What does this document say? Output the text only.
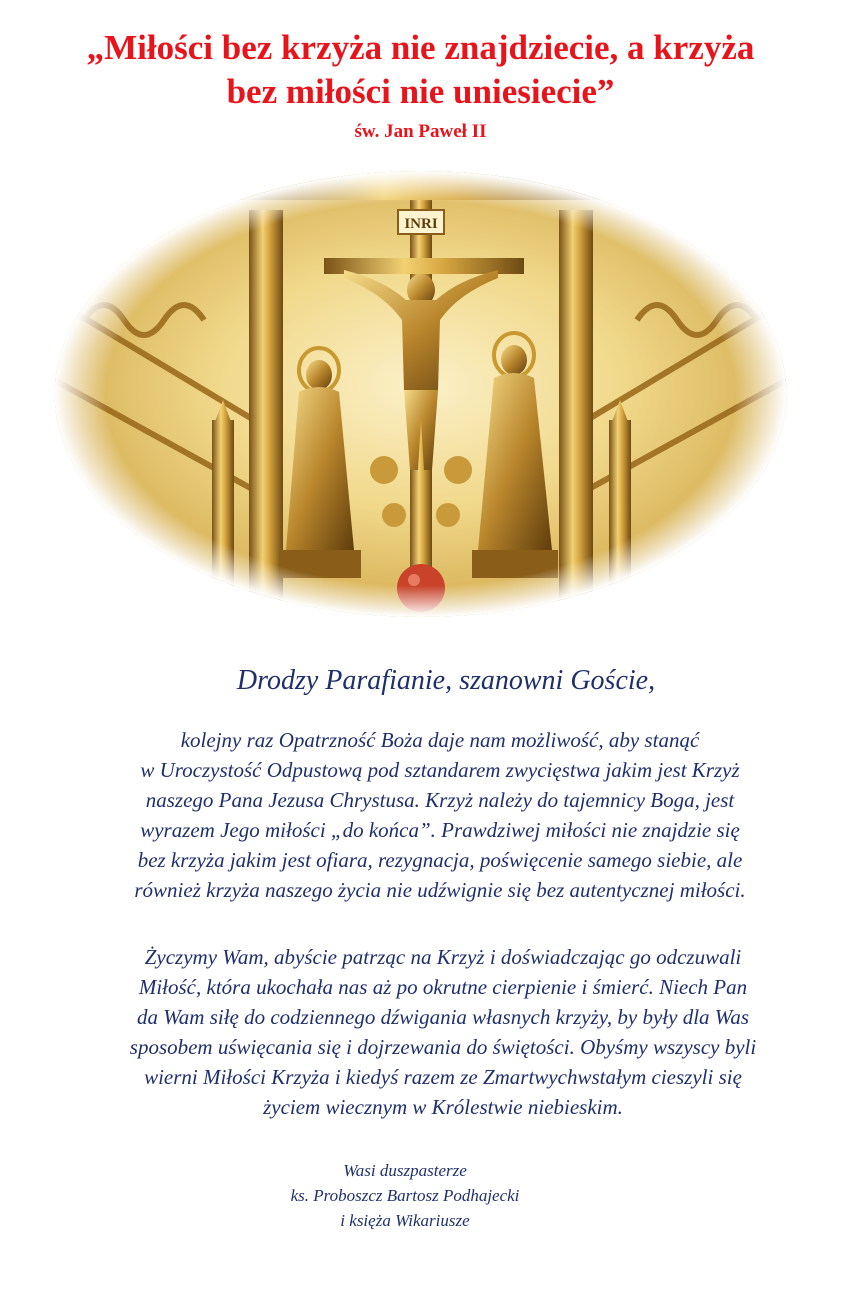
„Miłości bez krzyża nie znajdziecie, a krzyża
bez miłości nie uniesiecie”
św. Jan Paweł II
Drodzy Parafianie, szanowni Goście,
kolejny raz Opatrzność Boża daje nam możliwość, aby stanąć
w Uroczystość Odpustową pod sztandarem zwycięstwa jakim jest Krzyż
naszego Pana Jezusa Chrystusa. Krzyż należy do tajemnicy Boga, jest
wyrazem Jego miłości „do końca”. Prawdziwej miłości nie znajdzie się
bez krzyża jakim jest ofiara, rezygnacja, poświęcenie samego siebie, ale
również krzyża naszego życia nie udźwignie się bez autentycznej miłości.
Życzymy Wam, abyście patrząc na Krzyż i doświadczając go odczuwali
Miłość, która ukochała nas aż po okrutne cierpienie i śmierć. Niech Pan
da Wam siłę do codziennego dźwigania własnych krzyży, by były dla Was
sposobem uświęcania się i dojrzewania do świętości. Obyśmy wszyscy byli
wierni Miłości Krzyża i kiedyś razem ze Zmartwychwstałym cieszyli się
życiem wiecznym w Królestwie niebieskim.
Wasi duszpasterze
ks. Proboszcz Bartosz Podhajecki
i księża Wikariusze
